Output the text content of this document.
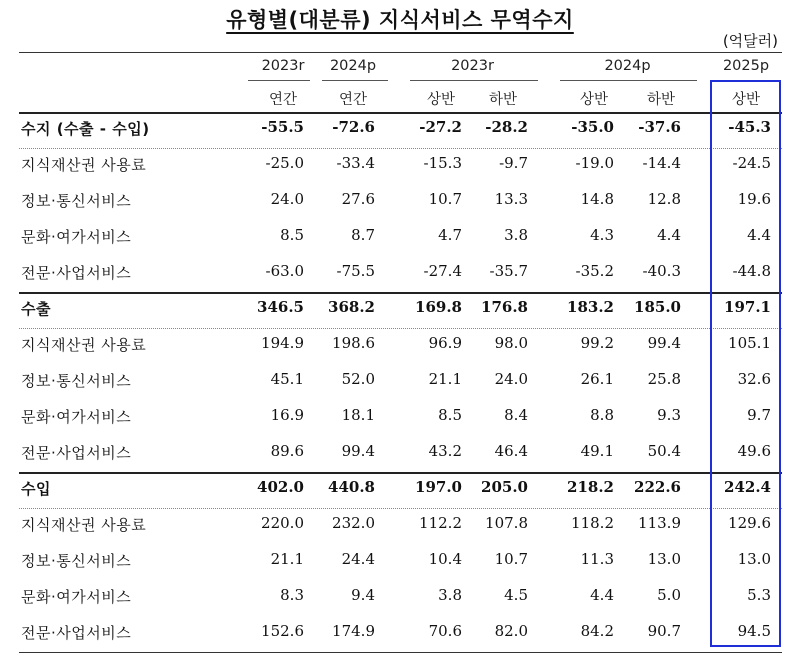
유형별(대분류) 지식서비스 무역수지
(억달러)
2023r	2024p	2023r	2024p	2025p
연간	연간	상반	하반	상반	하반	상반
수지 (수출 - 수입)	-55.5	-72.6	-27.2	-28.2	-35.0	-37.6	-45.3
지식재산권 사용료	-25.0	-33.4	-15.3	-9.7	-19.0	-14.4	-24.5
정보·통신서비스	24.0	27.6	10.7	13.3	14.8	12.8	19.6
문화·여가서비스	8.5	8.7	4.7	3.8	4.3	4.4	4.4
전문·사업서비스	-63.0	-75.5	-27.4	-35.7	-35.2	-40.3	-44.8
수출	346.5	368.2	169.8	176.8	183.2	185.0	197.1
지식재산권 사용료	194.9	198.6	96.9	98.0	99.2	99.4	105.1
정보·통신서비스	45.1	52.0	21.1	24.0	26.1	25.8	32.6
문화·여가서비스	16.9	18.1	8.5	8.4	8.8	9.3	9.7
전문·사업서비스	89.6	99.4	43.2	46.4	49.1	50.4	49.6
수입	402.0	440.8	197.0	205.0	218.2	222.6	242.4
지식재산권 사용료	220.0	232.0	112.2	107.8	118.2	113.9	129.6
정보·통신서비스	21.1	24.4	10.4	10.7	11.3	13.0	13.0
문화·여가서비스	8.3	9.4	3.8	4.5	4.4	5.0	5.3
전문·사업서비스	152.6	174.9	70.6	82.0	84.2	90.7	94.5
